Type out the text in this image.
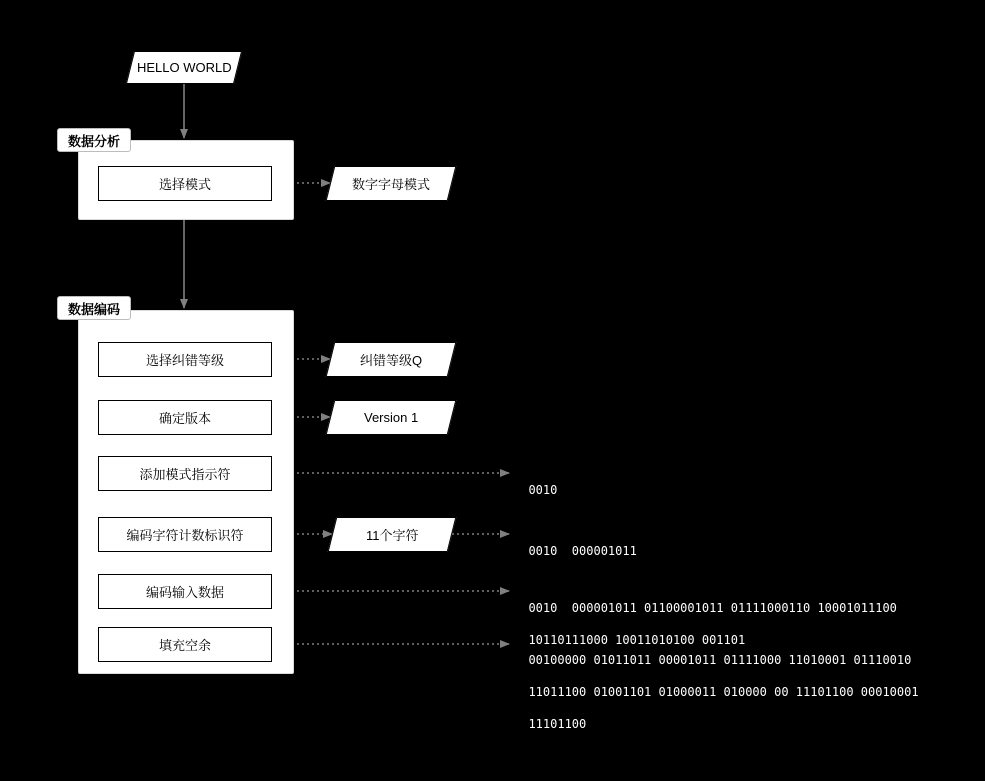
数据分析
数据编码
HELLO WORLD
选择模式
选择纠错等级
确定版本
添加模式指示符
编码字符计数标识符
编码输入数据
填充空余
数字字母模式
纠错等级Q
Version 1
11个字符

0010

0010  000001011

0010  000001011 01100001011 01111000110 10001011100

10110111000 10011010100 001101

00100000 01011011 00001011 01111000 11010001 01110010

11011100 01001101 01000011 010000 00 11101100 00010001

11101100
